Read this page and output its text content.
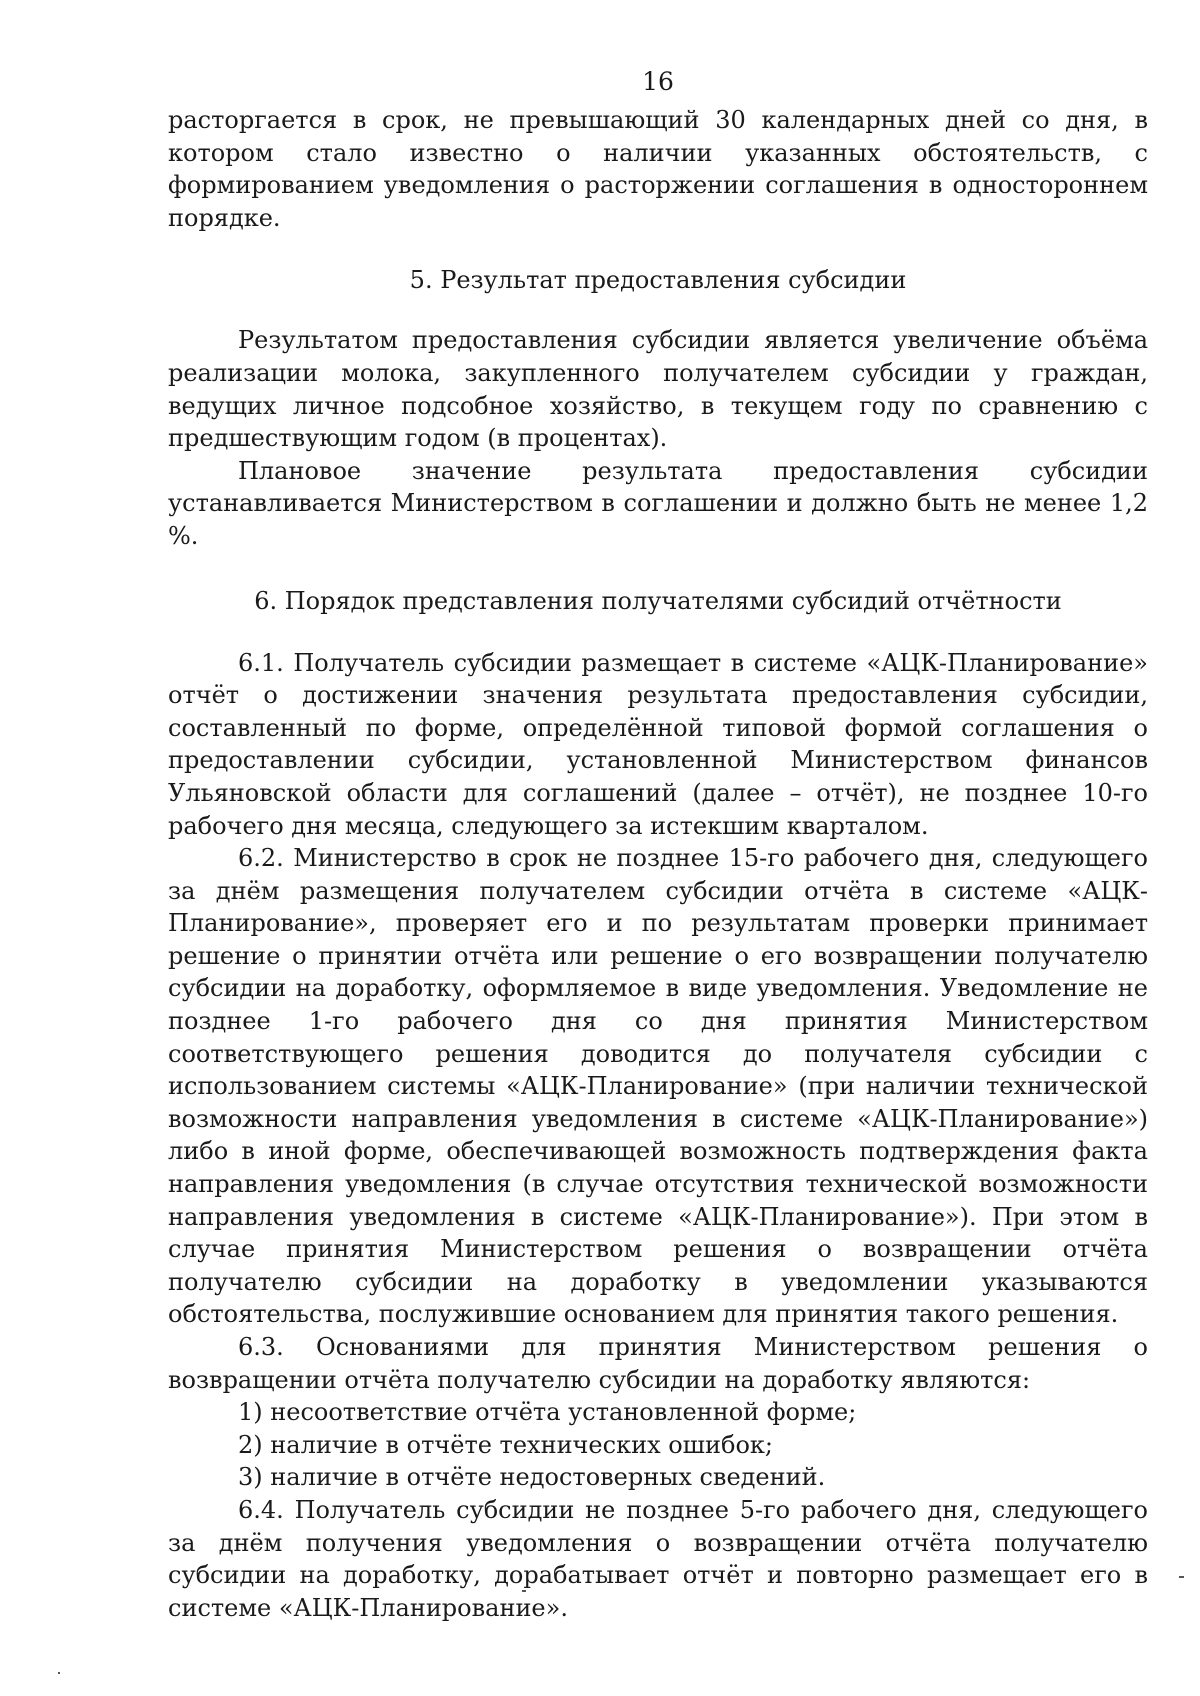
16

расторгается в срок, не превышающий 30 календарных дней со дня, в котором стало известно о наличии указанных обстоятельств, с формированием уведомления о расторжении соглашения в одностороннем порядке.

5. Результат предоставления субсидии

Результатом предоставления субсидии является увеличение объёма реализации молока, закупленного получателем субсидии у граждан, ведущих личное подсобное хозяйство, в текущем году по сравнению с предшествующим годом (в процентах).

Плановое значение результата предоставления субсидии устанавливается Министерством в соглашении и должно быть не менее 1,2 %.

6. Порядок представления получателями субсидий отчётности

6.1. Получатель субсидии размещает в системе «АЦК-Планирование» отчёт о достижении значения результата предоставления субсидии, составленный по форме, определённой типовой формой соглашения о предоставлении субсидии, установленной Министерством финансов Ульяновской области для соглашений (далее – отчёт), не позднее 10-го рабочего дня месяца, следующего за истекшим кварталом.

6.2. Министерство в срок не позднее 15-го рабочего дня, следующего за днём размещения получателем субсидии отчёта в системе «АЦК-Планирование», проверяет его и по результатам проверки принимает решение о принятии отчёта или решение о его возвращении получателю субсидии на доработку, оформляемое в виде уведомления. Уведомление не позднее 1-го рабочего дня со дня принятия Министерством соответствующего решения доводится до получателя субсидии с использованием системы «АЦК-Планирование» (при наличии технической возможности направления уведомления в системе «АЦК-Планирование») либо в иной форме, обеспечивающей возможность подтверждения факта направления уведомления (в случае отсутствия технической возможности направления уведомления в системе «АЦК-Планирование»). При этом в случае принятия Министерством решения о возвращении отчёта получателю субсидии на доработку в уведомлении указываются обстоятельства, послужившие основанием для принятия такого решения.

6.3. Основаниями для принятия Министерством решения о возвращении отчёта получателю субсидии на доработку являются:

1) несоответствие отчёта установленной форме;

2) наличие в отчёте технических ошибок;

3) наличие в отчёте недостоверных сведений.

6.4. Получатель субсидии не позднее 5-го рабочего дня, следующего за днём получения уведомления о возвращении отчёта получателю субсидии на доработку, дорабатывает отчёт и повторно размещает его в системе «АЦК-Планирование».
